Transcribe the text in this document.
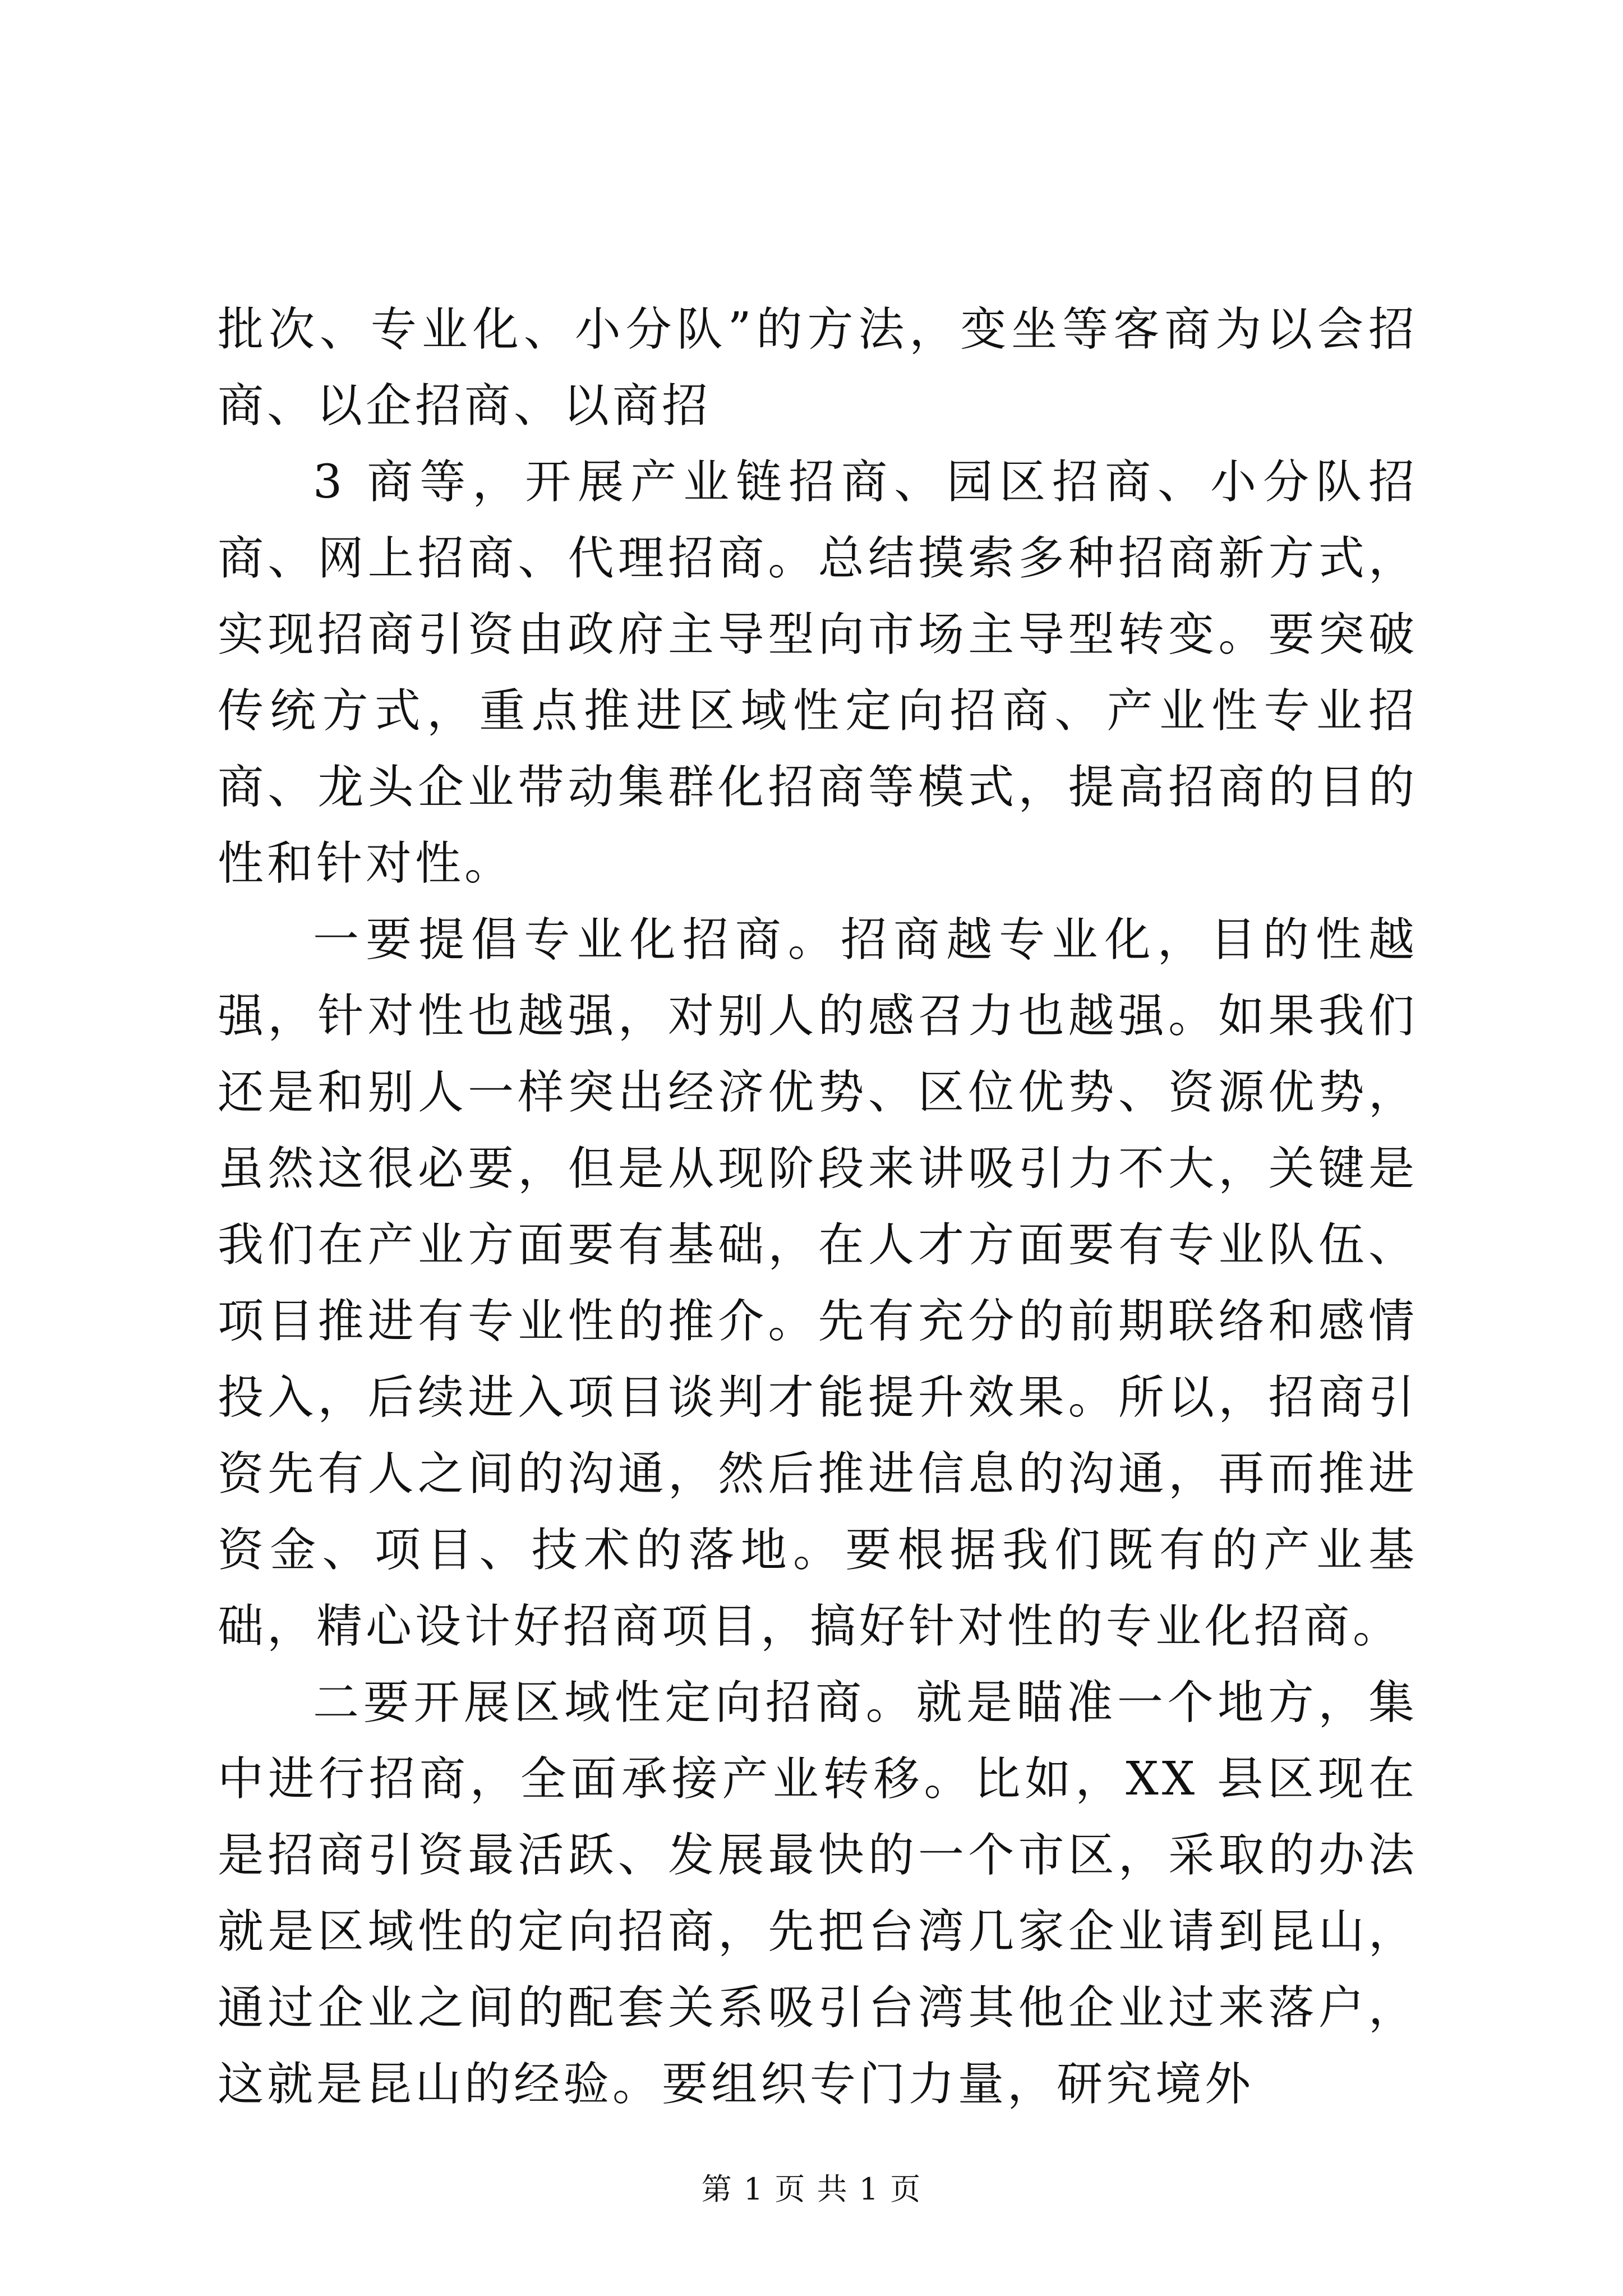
批次、专业化、小分队”的方法，变坐等客商为以会招商、以企招商、以商招

3 商等，开展产业链招商、园区招商、小分队招商、网上招商、代理招商。总结摸索多种招商新方式，实现招商引资由政府主导型向市场主导型转变。要突破传统方式，重点推进区域性定向招商、产业性专业招商、龙头企业带动集群化招商等模式，提高招商的目的性和针对性。

一要提倡专业化招商。招商越专业化，目的性越强，针对性也越强，对别人的感召力也越强。如果我们还是和别人一样突出经济优势、区位优势、资源优势，虽然这很必要，但是从现阶段来讲吸引力不大，关键是我们在产业方面要有基础，在人才方面要有专业队伍、项目推进有专业性的推介。先有充分的前期联络和感情投入，后续进入项目谈判才能提升效果。所以，招商引资先有人之间的沟通，然后推进信息的沟通，再而推进资金、项目、技术的落地。要根据我们既有的产业基础，精心设计好招商项目，搞好针对性的专业化招商。

二要开展区域性定向招商。就是瞄准一个地方，集中进行招商，全面承接产业转移。比如，XX 县区现在是招商引资最活跃、发展最快的一个市区，采取的办法就是区域性的定向招商，先把台湾几家企业请到昆山，通过企业之间的配套关系吸引台湾其他企业过来落户，这就是昆山的经验。要组织专门力量，研究境外

第 1 页 共 1 页
